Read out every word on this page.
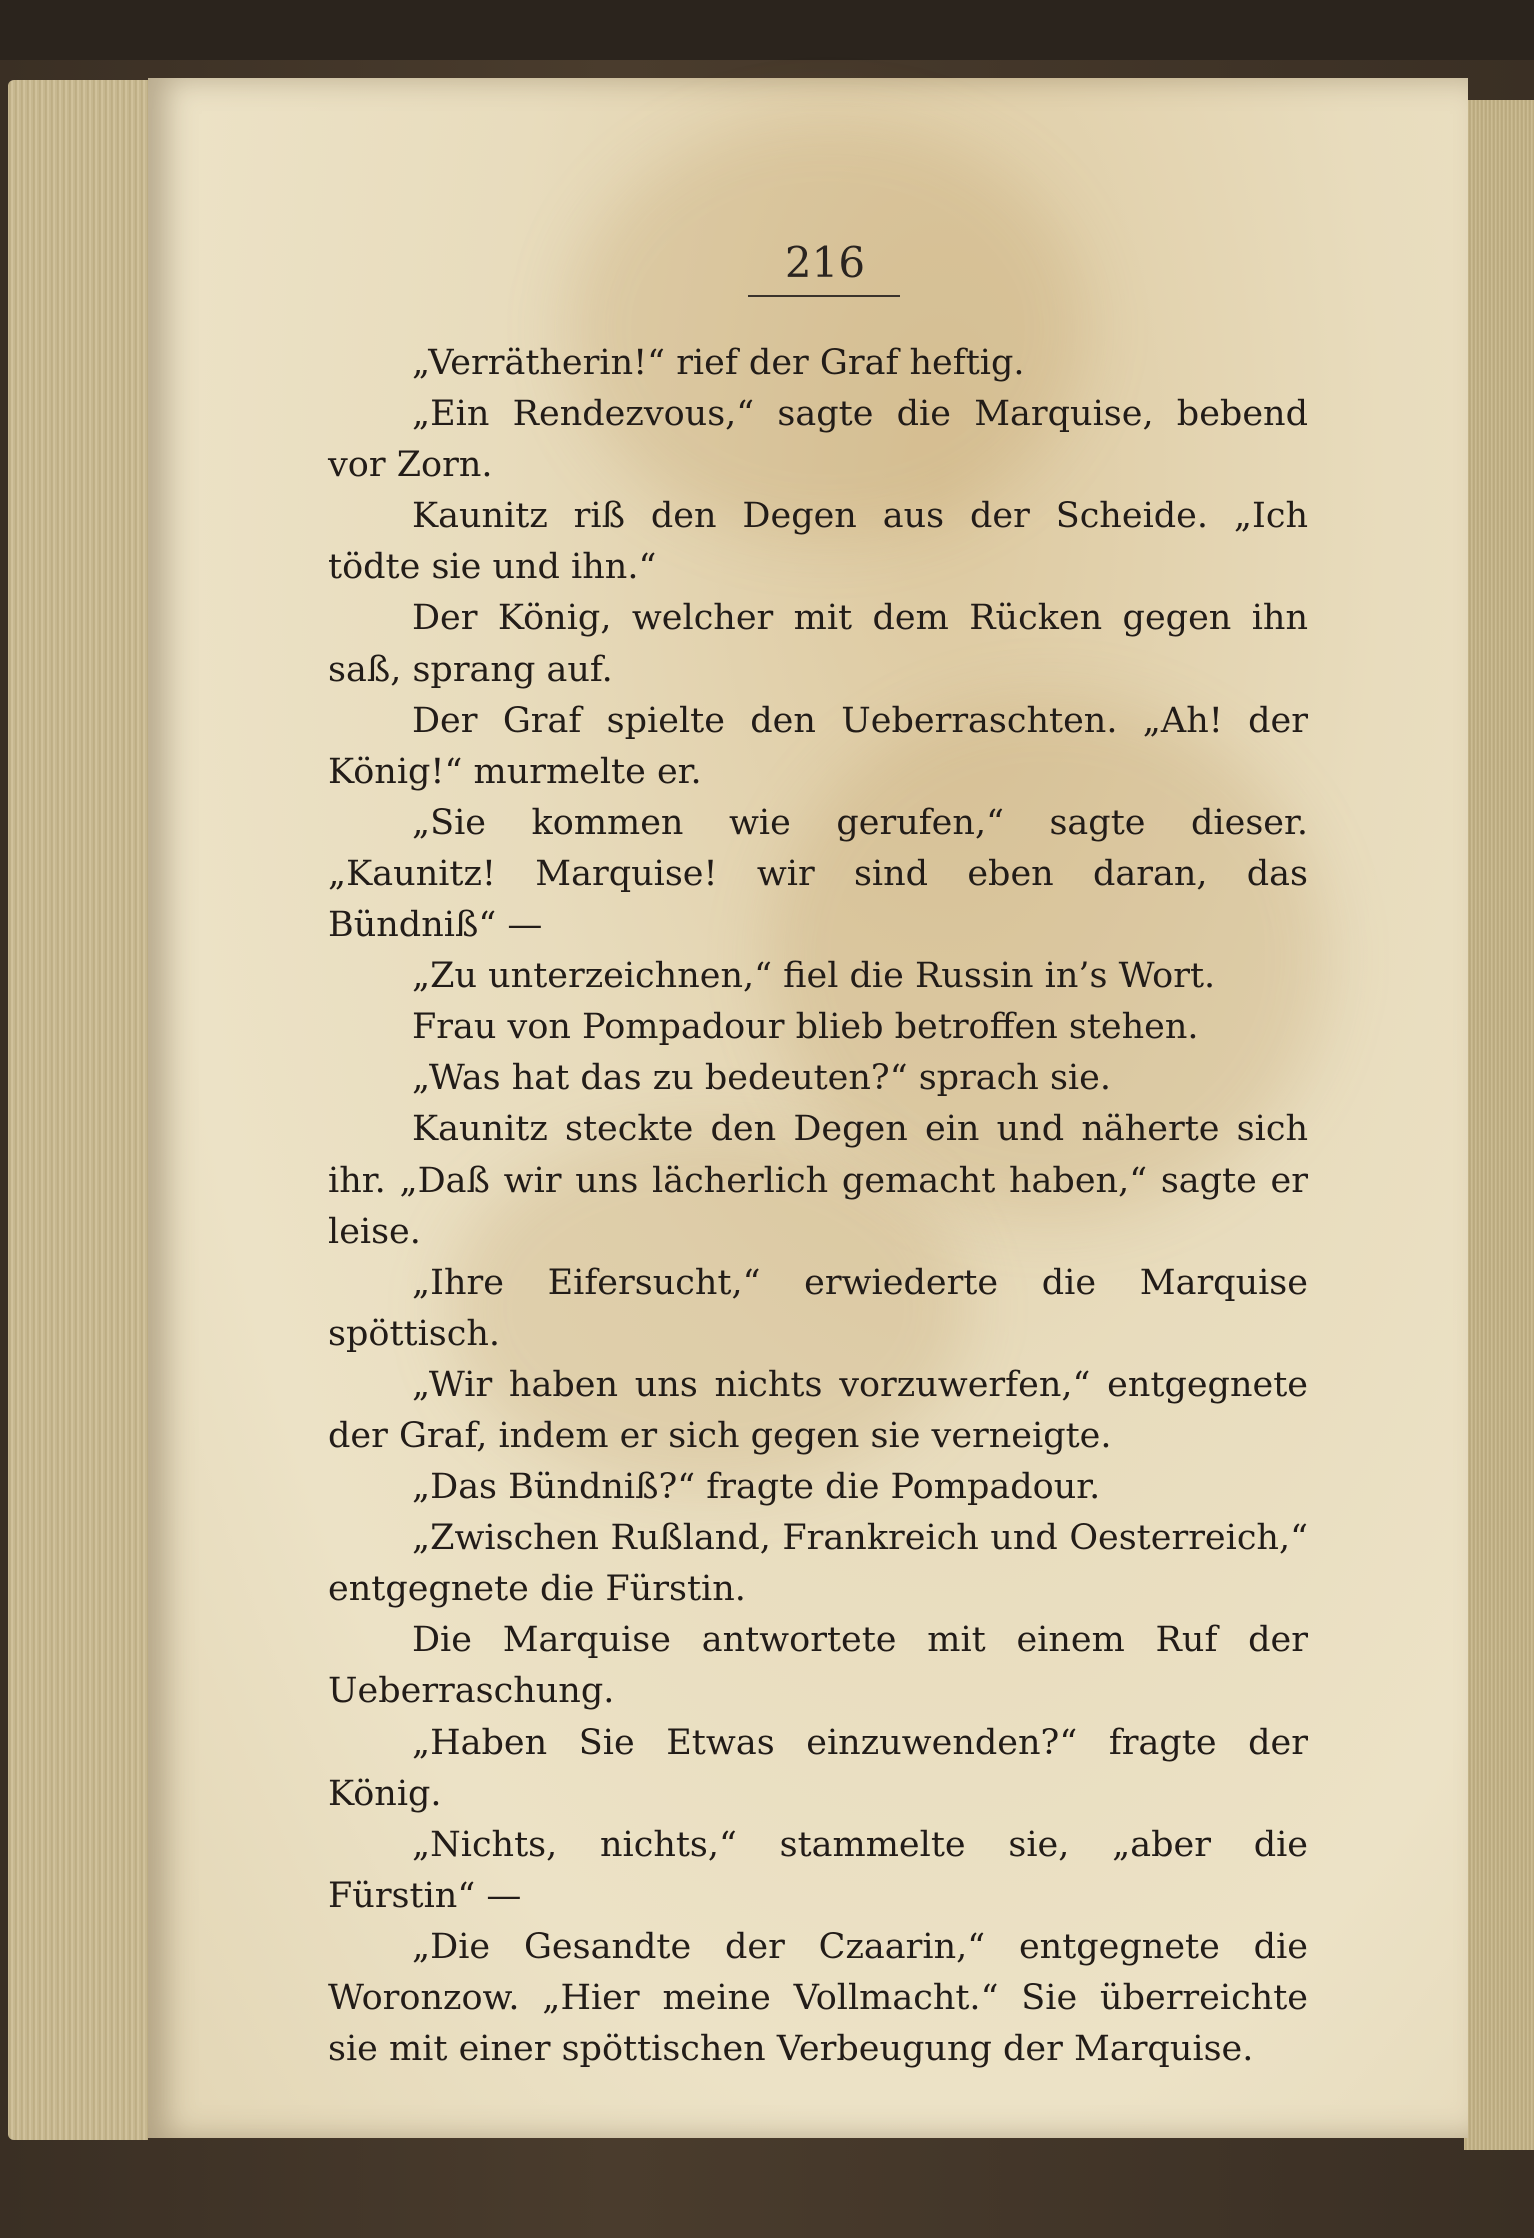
216

„Verrätherin!“ rief der Graf heftig.

„Ein Rendezvous,“ sagte die Marquise, bebend vor Zorn.

Kaunitz riß den Degen aus der Scheide. „Ich tödte sie und ihn.“

Der König, welcher mit dem Rücken gegen ihn saß, sprang auf.

Der Graf spielte den Ueberraschten. „Ah! der König!“ murmelte er.

„Sie kommen wie gerufen,“ sagte dieser. „Kaunitz! Marquise! wir sind eben daran, das Bündniß“ —

„Zu unterzeichnen,“ fiel die Russin in’s Wort.

Frau von Pompadour blieb betroffen stehen.

„Was hat das zu bedeuten?“ sprach sie.

Kaunitz steckte den Degen ein und näherte sich ihr. „Daß wir uns lächerlich gemacht haben,“ sagte er leise.

„Ihre Eifersucht,“ erwiederte die Marquise spöttisch.

„Wir haben uns nichts vorzuwerfen,“ entgegnete der Graf, indem er sich gegen sie verneigte.

„Das Bündniß?“ fragte die Pompadour.

„Zwischen Rußland, Frankreich und Oesterreich,“ entgegnete die Fürstin.

Die Marquise antwortete mit einem Ruf der Ueberraschung.

„Haben Sie Etwas einzuwenden?“ fragte der König.

„Nichts, nichts,“ stammelte sie, „aber die Fürstin“ —

„Die Gesandte der Czaarin,“ entgegnete die Woronzow. „Hier meine Vollmacht.“ Sie überreichte sie mit einer spöttischen Verbeugung der Marquise.
